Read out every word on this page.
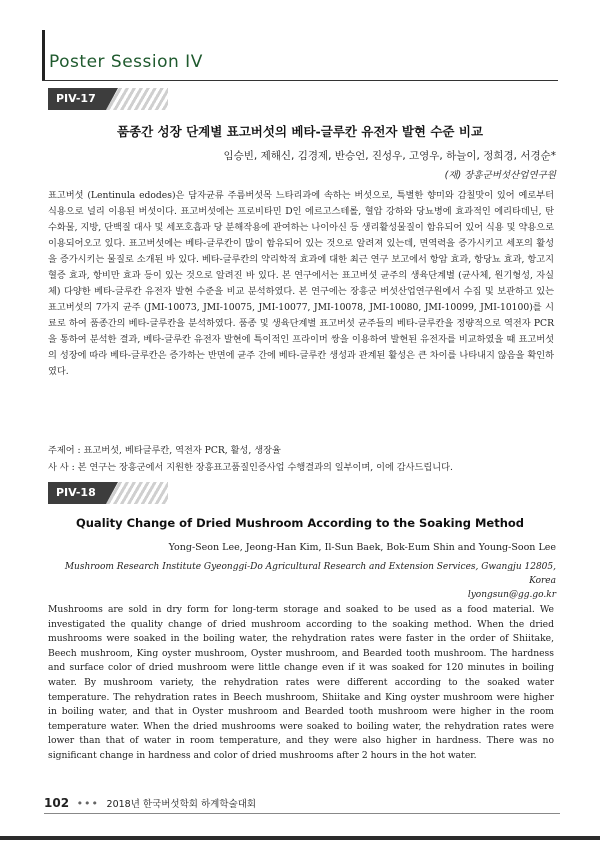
Poster Session IV
PIV-17
품종간 성장 단계별 표고버섯의 베타-글루칸 유전자 발현 수준 비교
임승빈, 제해신, 김경제, 반승언, 진성우, 고영우, 하늘이, 정희경, 서경순*
(재) 장흥군버섯산업연구원

표고버섯 (Lentinula edodes)은 담자균류 주름버섯목 느타리과에 속하는 버섯으로, 특별한 향미와 감칠맛이 있어 예로부터 식용으로 널리 이용된 버섯이다. 표고버섯에는 프로비타민 D인 에르고스테롤, 혈압 강하와 당뇨병에 효과적인 에리타데닌, 탄수화물, 지방, 단백질 대사 및 세포호흡과 당 분해작용에 관여하는 나이아신 등 생리활성물질이 함유되어 있어 식용 및 약용으로 이용되어오고 있다. 표고버섯에는 베타-글루칸이 많이 함유되어 있는 것으로 알려져 있는데, 면역력을 증가시키고 세포의 활성을 증가시키는 물질로 소개된 바 있다. 베타-글루칸의 약리학적 효과에 대한 최근 연구 보고에서 항암 효과, 항당뇨 효과, 항고지혈증 효과, 항비만 효과 등이 있는 것으로 알려진 바 있다. 본 연구에서는 표고버섯 균주의 생육단계별 (균사체, 원기형성, 자실체) 다양한 베타-글루칸 유전자 발현 수준을 비교 분석하였다. 본 연구에는 장흥군 버섯산업연구원에서 수집 및 보관하고 있는 표고버섯의 7가지 균주 (JMI-10073, JMI-10075, JMI-10077, JMI-10078, JMI-10080, JMI-10099, JMI-10100)를 시료로 하여 품종간의 베타-글루칸을 분석하였다. 품종 및 생육단계별 표고버섯 균주들의 베타-글루칸을 정량적으로 역전자 PCR을 통하여 분석한 결과, 베타-글루칸 유전자 발현에 특이적인 프라이머 쌍을 이용하여 발현된 유전자를 비교하였을 때 표고버섯의 성장에 따라 베타-글루칸은 증가하는 반면에 균주 간에 베타-글루칸 생성과 관계된 활성은 큰 차이를 나타내지 않음을 확인하였다.

주제어 : 표고버섯, 베타글루칸, 역전자 PCR, 활성, 생장율
사 사 : 본 연구는 장흥군에서 지원한 장흥표고품질인증사업 수행결과의 일부이며, 이에 감사드립니다.
PIV-18
Quality Change of Dried Mushroom According to the Soaking Method
Yong-Seon Lee, Jeong-Han Kim, Il-Sun Baek, Bok-Eum Shin and Young-Soon Lee
Mushroom Research Institute Gyeonggi-Do Agricultural Research and Extension Services, Gwangju 12805, Korea
lyongsun@gg.go.kr

Mushrooms are sold in dry form for long-term storage and soaked to be used as a food material. We investigated the quality change of dried mushroom according to the soaking method. When the dried mushrooms were soaked in the boiling water, the rehydration rates were faster in the order of Shiitake, Beech mushroom, King oyster mushroom, Oyster mushroom, and Bearded tooth mushroom. The hardness and surface color of dried mushroom were little change even if it was soaked for 120 minutes in boiling water. By mushroom variety, the rehydration rates were different according to the soaked water temperature. The rehydration rates in Beech mushroom, Shiitake and King oyster mushroom were higher in boiling water, and that in Oyster mushroom and Bearded tooth mushroom were higher in the room temperature water. When the dried mushrooms were soaked to boiling water, the rehydration rates were lower than that of water in room temperature, and they were also higher in hardness. There was no significant change in hardness and color of dried mushrooms after 2 hours in the hot water.

102 ••• 2018년 한국버섯학회 하계학술대회
